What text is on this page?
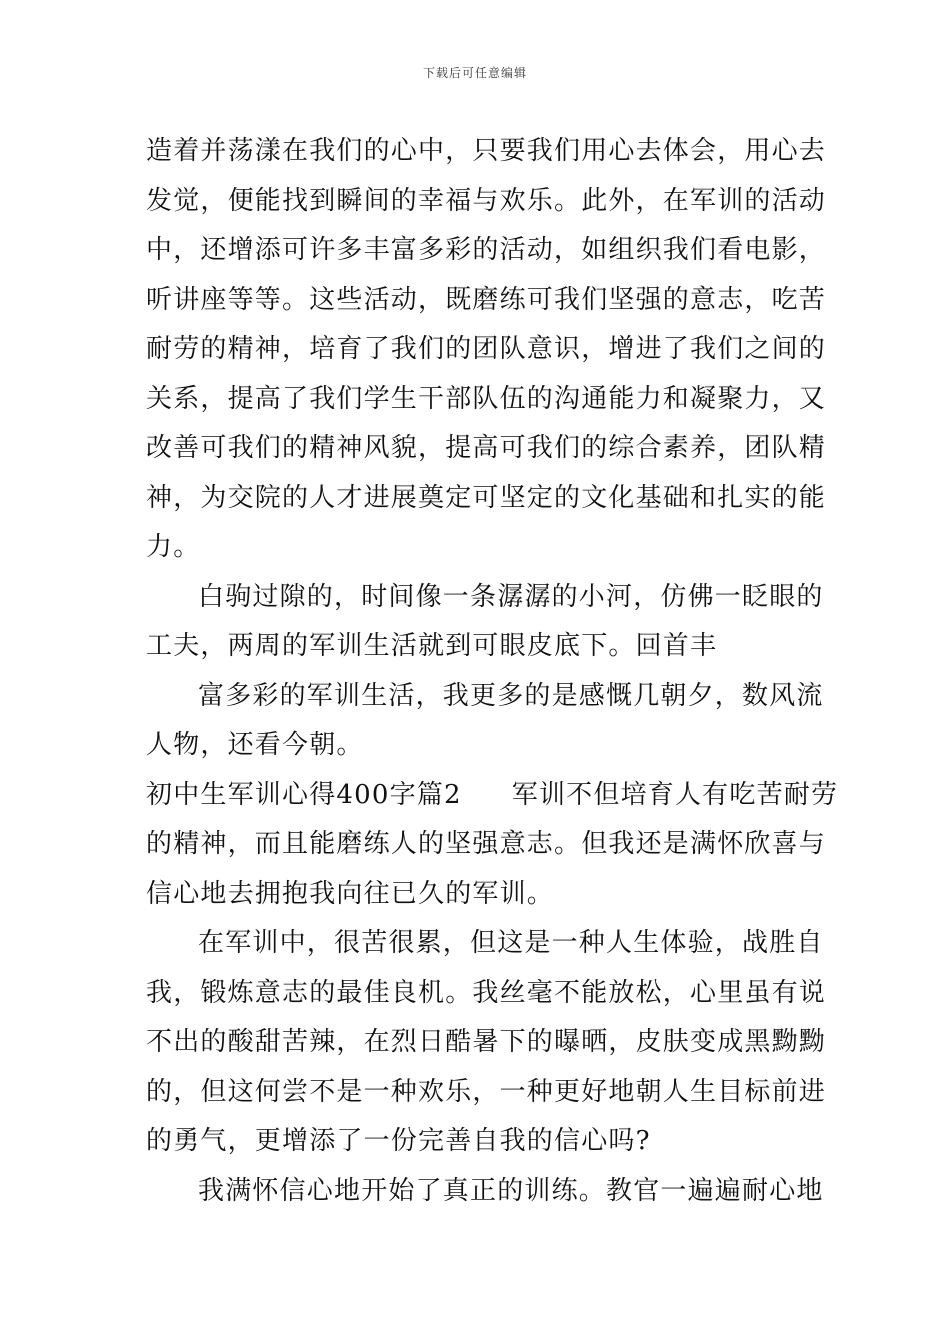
下载后可任意编辑
造着并荡漾在我们的心中，只要我们用心去体会，用心去
发觉，便能找到瞬间的幸福与欢乐。此外，在军训的活动
中，还增添可许多丰富多彩的活动，如组织我们看电影，
听讲座等等。这些活动，既磨练可我们坚强的意志，吃苦
耐劳的精神，培育了我们的团队意识，增进了我们之间的
关系，提高了我们学生干部队伍的沟通能力和凝聚力，又
改善可我们的精神风貌，提高可我们的综合素养，团队精
神，为交院的人才进展奠定可坚定的文化基础和扎实的能
力。
白驹过隙的，时间像一条潺潺的小河，仿佛一眨眼的
工夫，两周的军训生活就到可眼皮底下。回首丰
富多彩的军训生活，我更多的是感慨几朝夕，数风流
人物，还看今朝。
初中生军训心得400字篇2 军训不但培育人有吃苦耐劳
的精神，而且能磨练人的坚强意志。但我还是满怀欣喜与
信心地去拥抱我向往已久的军训。
在军训中，很苦很累，但这是一种人生体验，战胜自
我，锻炼意志的最佳良机。我丝毫不能放松，心里虽有说
不出的酸甜苦辣，在烈日酷暑下的曝晒，皮肤变成黑黝黝
的，但这何尝不是一种欢乐，一种更好地朝人生目标前进
的勇气，更增添了一份完善自我的信心吗?
我满怀信心地开始了真正的训练。教官一遍遍耐心地
